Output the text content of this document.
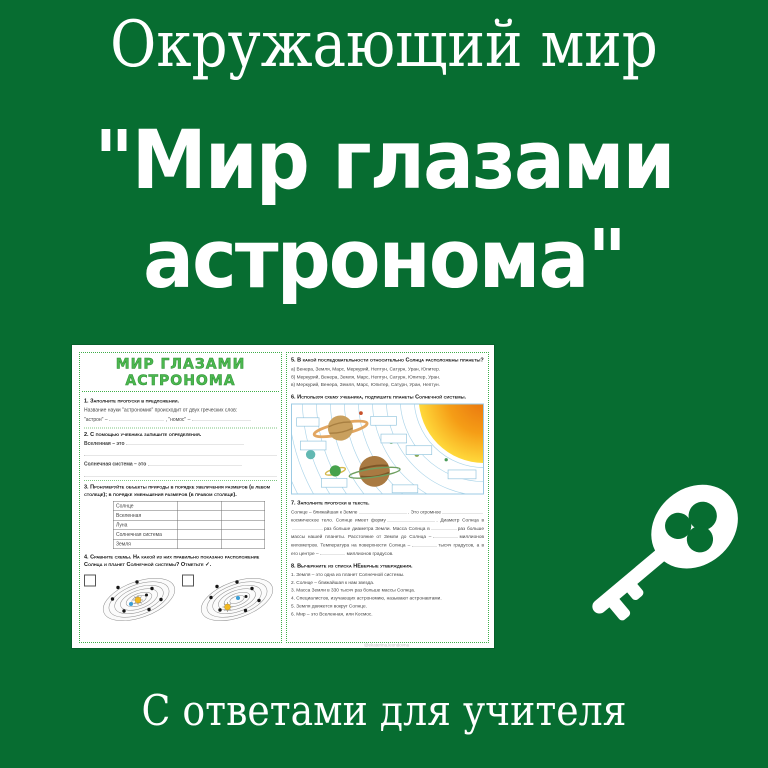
Окружающий мир
"Мир глазами
астронома"
МИР ГЛАЗАМИ АСТРОНОМА
1. Заполните пропуски в предложении.
Название науки "астрономия" происходит от двух греческих слов:
"астрон" –	, "номос" –
2. С помощью учебника запишите определения.
Вселенная – это
Солнечная система – это
3. Пронумеруйте объекты природы в порядке увеличения размеров (в левом столбце); в порядке уменьшения размеров (в правом столбце).
Солнце		
Вселенная		
Луна		
Солнечная система		
Земля		
4. Сравните схемы. На какой из них правильно показано расположение Солнца и планет Солнечной системы? Отметьте ✓.
5. В какой последовательности относительно Солнца расположены планеты?
а) Венера, Земля, Марс, Меркурий, Нептун, Сатурн, Уран, Юпитер.
б) Меркурий, Венера, Земля, Марс, Нептун, Сатурн, Юпитер, Уран.
в) Меркурий, Венера, Земля, Марс, Юпитер, Сатурн, Уран, Нептун.
6. Используя схему учебника, подпишите планеты Солнечной системы.
7. Заполните пропуски в тексте.

Солнце – ближайшая к Земле	. Это огромноекосмическое тело. Солнце имеет форму	. Диаметр Солнца враз больше диаметра Земли. Масса Солнца в	раз больше массы нашей планеты. Расстояние от Земли до Солнца –	миллионов километров. Температура на поверхности Солнца –	тысяч градусов, а в его центре –	миллионов градусов.

8. Вычеркните из списка НЕверные утверждения.
1. Земля – это одна из планет Солнечной системы.
2. Солнце – ближайшая к нам звезда.
3. Масса Земли в 330 тысяч раз больше массы Солнца.
4. Специалистов, изучающих астрономию, называют астронавтами.
5. Земля движется вокруг Солнце.
6. Мир – это Вселенная, или Космос.
@ekaterina.leondovna
С ответами для учителя
